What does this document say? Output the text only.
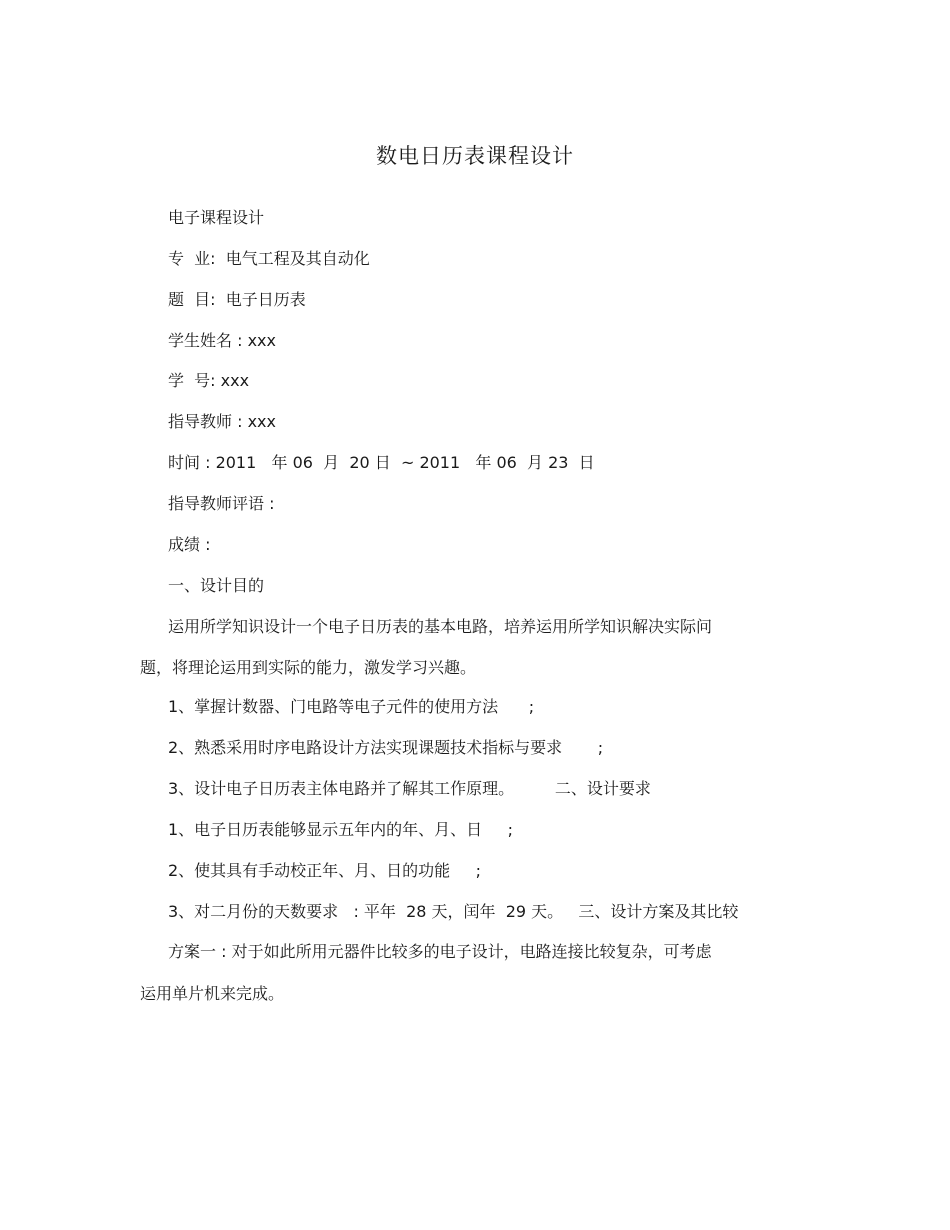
数电日历表课程设计
电子课程设计
专  业:  电气工程及其自动化
题  目:  电子日历表
学生姓名 : xxx
学  号: xxx
指导教师 : xxx
时间 : 2011   年 06  月  20 日  ~ 2011   年 06  月 23  日
指导教师评语 :
成绩 :
一、设计目的
运用所学知识设计一个电子日历表的基本电路，培养运用所学知识解决实际问
题，将理论运用到实际的能力，激发学习兴趣。
1、掌握计数器、门电路等电子元件的使用方法      ;
2、熟悉采用时序电路设计方法实现课题技术指标与要求       ;
3、设计电子日历表主体电路并了解其工作原理。        二、设计要求
1、电子日历表能够显示五年内的年、月、日     ;
2、使其具有手动校正年、月、日的功能     ;
3、对二月份的天数要求   : 平年  28 天，闰年  29 天。   三、设计方案及其比较
方案一 : 对于如此所用元器件比较多的电子设计，电路连接比较复杂，可考虑
运用单片机来完成。
